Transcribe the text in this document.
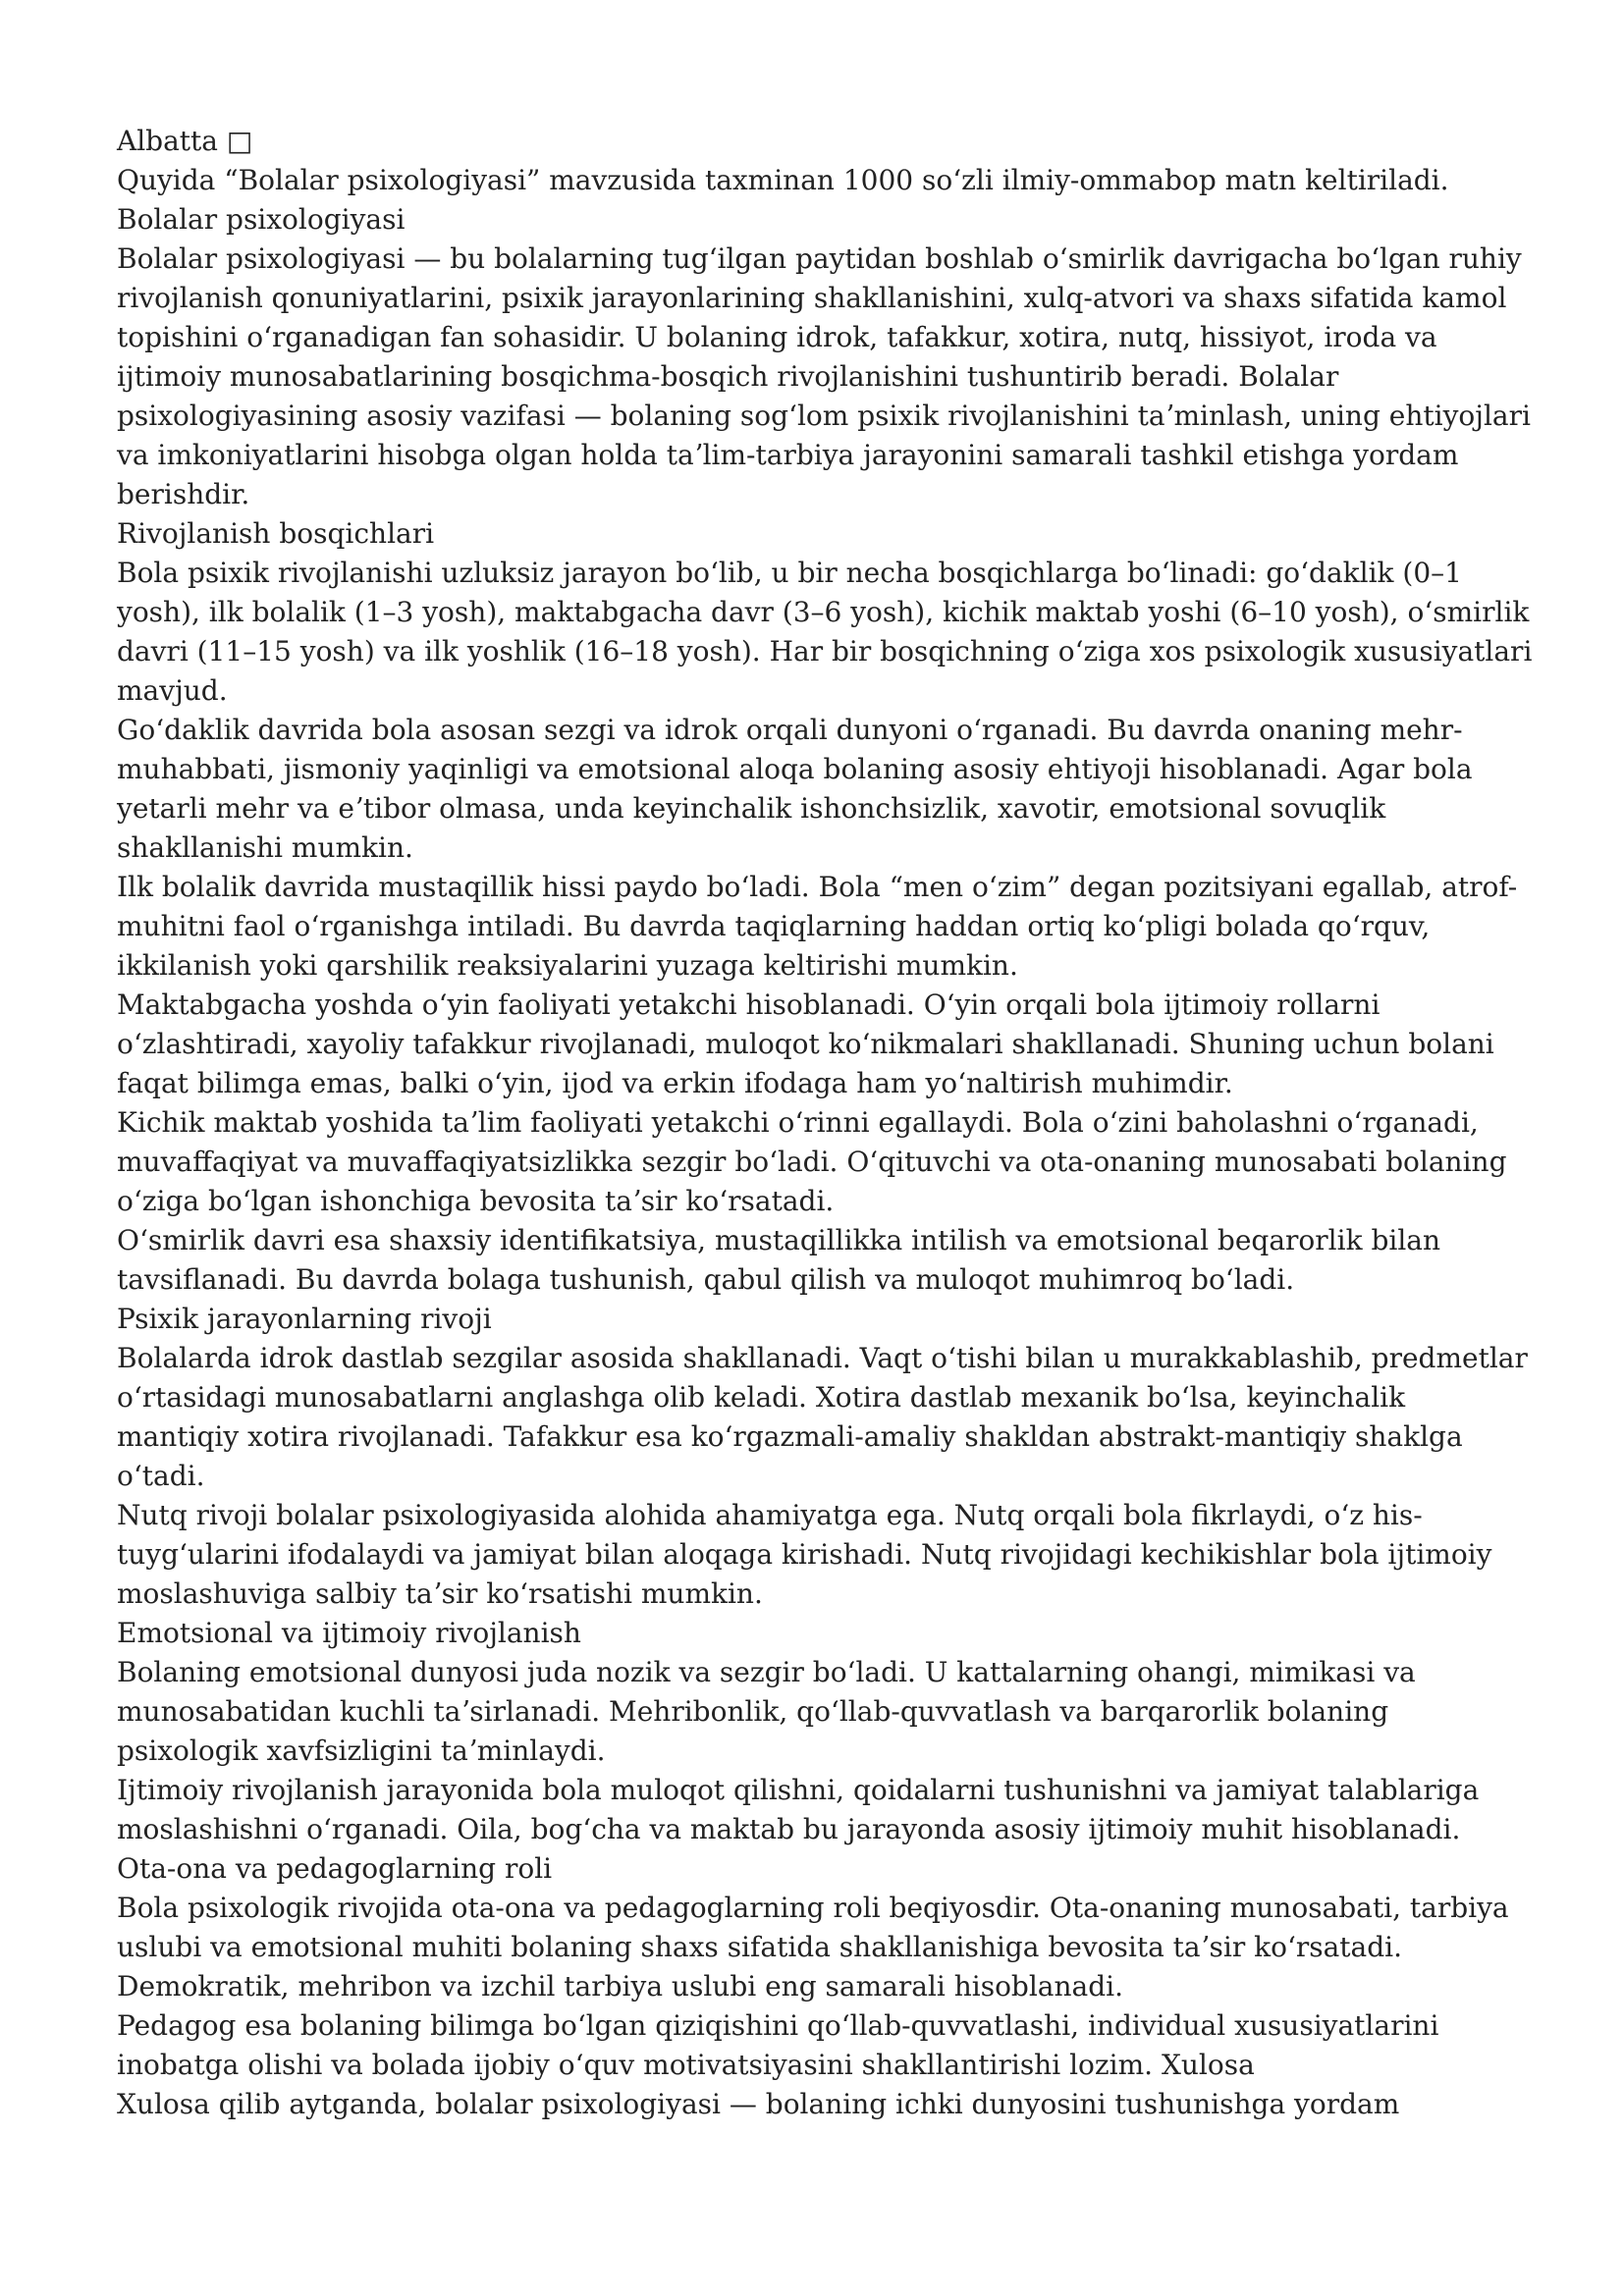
Albatta □
Quyida “Bolalar psixologiyasi” mavzusida taxminan 1000 soʻzli ilmiy-ommabop matn keltiriladi.
Bolalar psixologiyasi
Bolalar psixologiyasi — bu bolalarning tugʻilgan paytidan boshlab oʻsmirlik davrigacha boʻlgan ruhiy
rivojlanish qonuniyatlarini, psixik jarayonlarining shakllanishini, xulq-atvori va shaxs sifatida kamol
topishini oʻrganadigan fan sohasidir. U bolaning idrok, tafakkur, xotira, nutq, hissiyot, iroda va
ijtimoiy munosabatlarining bosqichma-bosqich rivojlanishini tushuntirib beradi. Bolalar
psixologiyasining asosiy vazifasi — bolaning sogʻlom psixik rivojlanishini taʼminlash, uning ehtiyojlari
va imkoniyatlarini hisobga olgan holda taʼlim-tarbiya jarayonini samarali tashkil etishga yordam
berishdir.
Rivojlanish bosqichlari
Bola psixik rivojlanishi uzluksiz jarayon boʻlib, u bir necha bosqichlarga boʻlinadi: goʻdaklik (0–1
yosh), ilk bolalik (1–3 yosh), maktabgacha davr (3–6 yosh), kichik maktab yoshi (6–10 yosh), oʻsmirlik
davri (11–15 yosh) va ilk yoshlik (16–18 yosh). Har bir bosqichning oʻziga xos psixologik xususiyatlari
mavjud.
Goʻdaklik davrida bola asosan sezgi va idrok orqali dunyoni oʻrganadi. Bu davrda onaning mehr-
muhabbati, jismoniy yaqinligi va emotsional aloqa bolaning asosiy ehtiyoji hisoblanadi. Agar bola
yetarli mehr va eʼtibor olmasa, unda keyinchalik ishonchsizlik, xavotir, emotsional sovuqlik
shakllanishi mumkin.
Ilk bolalik davrida mustaqillik hissi paydo boʻladi. Bola “men oʻzim” degan pozitsiyani egallab, atrof-
muhitni faol oʻrganishga intiladi. Bu davrda taqiqlarning haddan ortiq koʻpligi bolada qoʻrquv,
ikkilanish yoki qarshilik reaksiyalarini yuzaga keltirishi mumkin.
Maktabgacha yoshda oʻyin faoliyati yetakchi hisoblanadi. Oʻyin orqali bola ijtimoiy rollarni
oʻzlashtiradi, xayoliy tafakkur rivojlanadi, muloqot koʻnikmalari shakllanadi. Shuning uchun bolani
faqat bilimga emas, balki oʻyin, ijod va erkin ifodaga ham yoʻnaltirish muhimdir.
Kichik maktab yoshida taʼlim faoliyati yetakchi oʻrinni egallaydi. Bola oʻzini baholashni oʻrganadi,
muvaffaqiyat va muvaffaqiyatsizlikka sezgir boʻladi. Oʻqituvchi va ota-onaning munosabati bolaning
oʻziga boʻlgan ishonchiga bevosita taʼsir koʻrsatadi.
Oʻsmirlik davri esa shaxsiy identifikatsiya, mustaqillikka intilish va emotsional beqarorlik bilan
tavsiflanadi. Bu davrda bolaga tushunish, qabul qilish va muloqot muhimroq boʻladi.
Psixik jarayonlarning rivoji
Bolalarda idrok dastlab sezgilar asosida shakllanadi. Vaqt oʻtishi bilan u murakkablashib, predmetlar
oʻrtasidagi munosabatlarni anglashga olib keladi. Xotira dastlab mexanik boʻlsa, keyinchalik
mantiqiy xotira rivojlanadi. Tafakkur esa koʻrgazmali-amaliy shakldan abstrakt-mantiqiy shaklga
oʻtadi.
Nutq rivoji bolalar psixologiyasida alohida ahamiyatga ega. Nutq orqali bola fikrlaydi, oʻz his-
tuygʻularini ifodalaydi va jamiyat bilan aloqaga kirishadi. Nutq rivojidagi kechikishlar bola ijtimoiy
moslashuviga salbiy taʼsir koʻrsatishi mumkin.
Emotsional va ijtimoiy rivojlanish
Bolaning emotsional dunyosi juda nozik va sezgir boʻladi. U kattalarning ohangi, mimikasi va
munosabatidan kuchli taʼsirlanadi. Mehribonlik, qoʻllab-quvvatlash va barqarorlik bolaning
psixologik xavfsizligini taʼminlaydi.
Ijtimoiy rivojlanish jarayonida bola muloqot qilishni, qoidalarni tushunishni va jamiyat talablariga
moslashishni oʻrganadi. Oila, bogʻcha va maktab bu jarayonda asosiy ijtimoiy muhit hisoblanadi.
Ota-ona va pedagoglarning roli
Bola psixologik rivojida ota-ona va pedagoglarning roli beqiyosdir. Ota-onaning munosabati, tarbiya
uslubi va emotsional muhiti bolaning shaxs sifatida shakllanishiga bevosita taʼsir koʻrsatadi.
Demokratik, mehribon va izchil tarbiya uslubi eng samarali hisoblanadi.
Pedagog esa bolaning bilimga boʻlgan qiziqishini qoʻllab-quvvatlashi, individual xususiyatlarini
inobatga olishi va bolada ijobiy oʻquv motivatsiyasini shakllantirishi lozim. Xulosa
Xulosa qilib aytganda, bolalar psixologiyasi — bolaning ichki dunyosini tushunishga yordam
